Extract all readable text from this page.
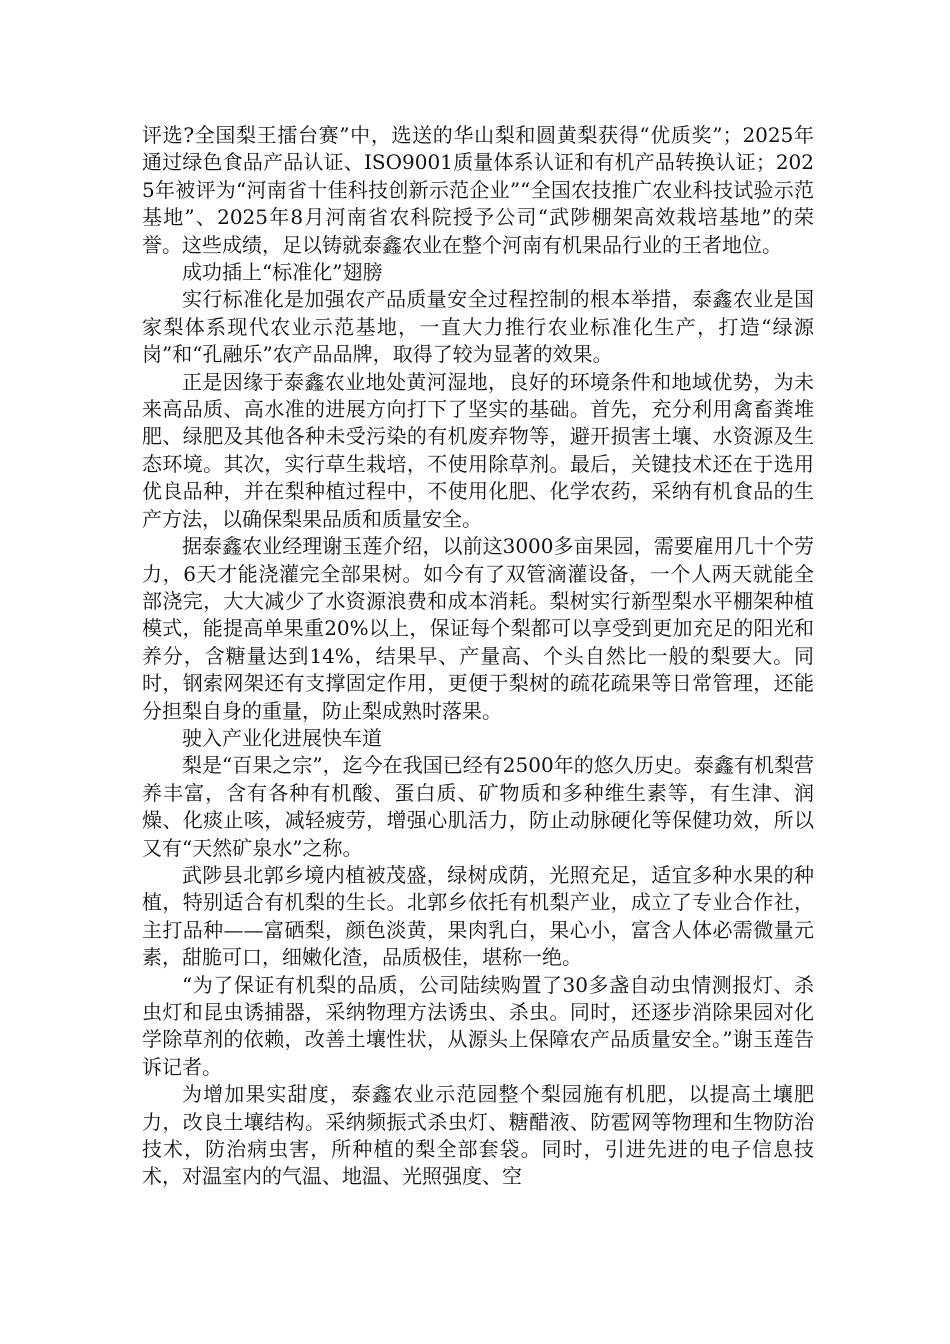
评选?全国梨王擂台赛”中，选送的华山梨和圆黄梨获得“优质奖”；2025年通过绿色食品产品认证、ISO9001质量体系认证和有机产品转换认证；2025年被评为“河南省十佳科技创新示范企业”“全国农技推广农业科技试验示范基地”、2025年8月河南省农科院授予公司“武陟棚架高效栽培基地”的荣誉。这些成绩，足以铸就泰鑫农业在整个河南有机果品行业的王者地位。

成功插上“标准化”翅膀

实行标准化是加强农产品质量安全过程控制的根本举措，泰鑫农业是国家梨体系现代农业示范基地，一直大力推行农业标准化生产，打造“绿源岗”和“孔融乐”农产品品牌，取得了较为显著的效果。

正是因缘于泰鑫农业地处黄河湿地，良好的环境条件和地域优势，为未来高品质、高水准的进展方向打下了坚实的基础。首先，充分利用禽畜粪堆肥、绿肥及其他各种未受污染的有机废弃物等，避开损害土壤、水资源及生态环境。其次，实行草生栽培，不使用除草剂。最后，关键技术还在于选用优良品种，并在梨种植过程中，不使用化肥、化学农药，采纳有机食品的生产方法，以确保梨果品质和质量安全。

据泰鑫农业经理谢玉莲介绍，以前这3000多亩果园，需要雇用几十个劳力，6天才能浇灌完全部果树。如今有了双管滴灌设备，一个人两天就能全部浇完，大大减少了水资源浪费和成本消耗。梨树实行新型梨水平棚架种植模式，能提高单果重20%以上，保证每个梨都可以享受到更加充足的阳光和养分，含糖量达到14%，结果早、产量高、个头自然比一般的梨要大。同时，钢索网架还有支撑固定作用，更便于梨树的疏花疏果等日常管理，还能分担梨自身的重量，防止梨成熟时落果。

驶入产业化进展快车道

梨是“百果之宗”，迄今在我国已经有2500年的悠久历史。泰鑫有机梨营养丰富，含有各种有机酸、蛋白质、矿物质和多种维生素等，有生津、润燥、化痰止咳，减轻疲劳，增强心肌活力，防止动脉硬化等保健功效，所以又有“天然矿泉水”之称。

武陟县北郭乡境内植被茂盛，绿树成荫，光照充足，适宜多种水果的种植，特别适合有机梨的生长。北郭乡依托有机梨产业，成立了专业合作社，主打品种——富硒梨，颜色淡黄，果肉乳白，果心小，富含人体必需微量元素，甜脆可口，细嫩化渣，品质极佳，堪称一绝。

“为了保证有机梨的品质，公司陆续购置了30多盏自动虫情测报灯、杀虫灯和昆虫诱捕器，采纳物理方法诱虫、杀虫。同时，还逐步消除果园对化学除草剂的依赖，改善土壤性状，从源头上保障农产品质量安全。”谢玉莲告诉记者。

为增加果实甜度，泰鑫农业示范园整个梨园施有机肥，以提高土壤肥力，改良土壤结构。采纳频振式杀虫灯、糖醋液、防雹网等物理和生物防治技术，防治病虫害，所种植的梨全部套袋。同时，引进先进的电子信息技术，对温室内的气温、地温、光照强度、空
